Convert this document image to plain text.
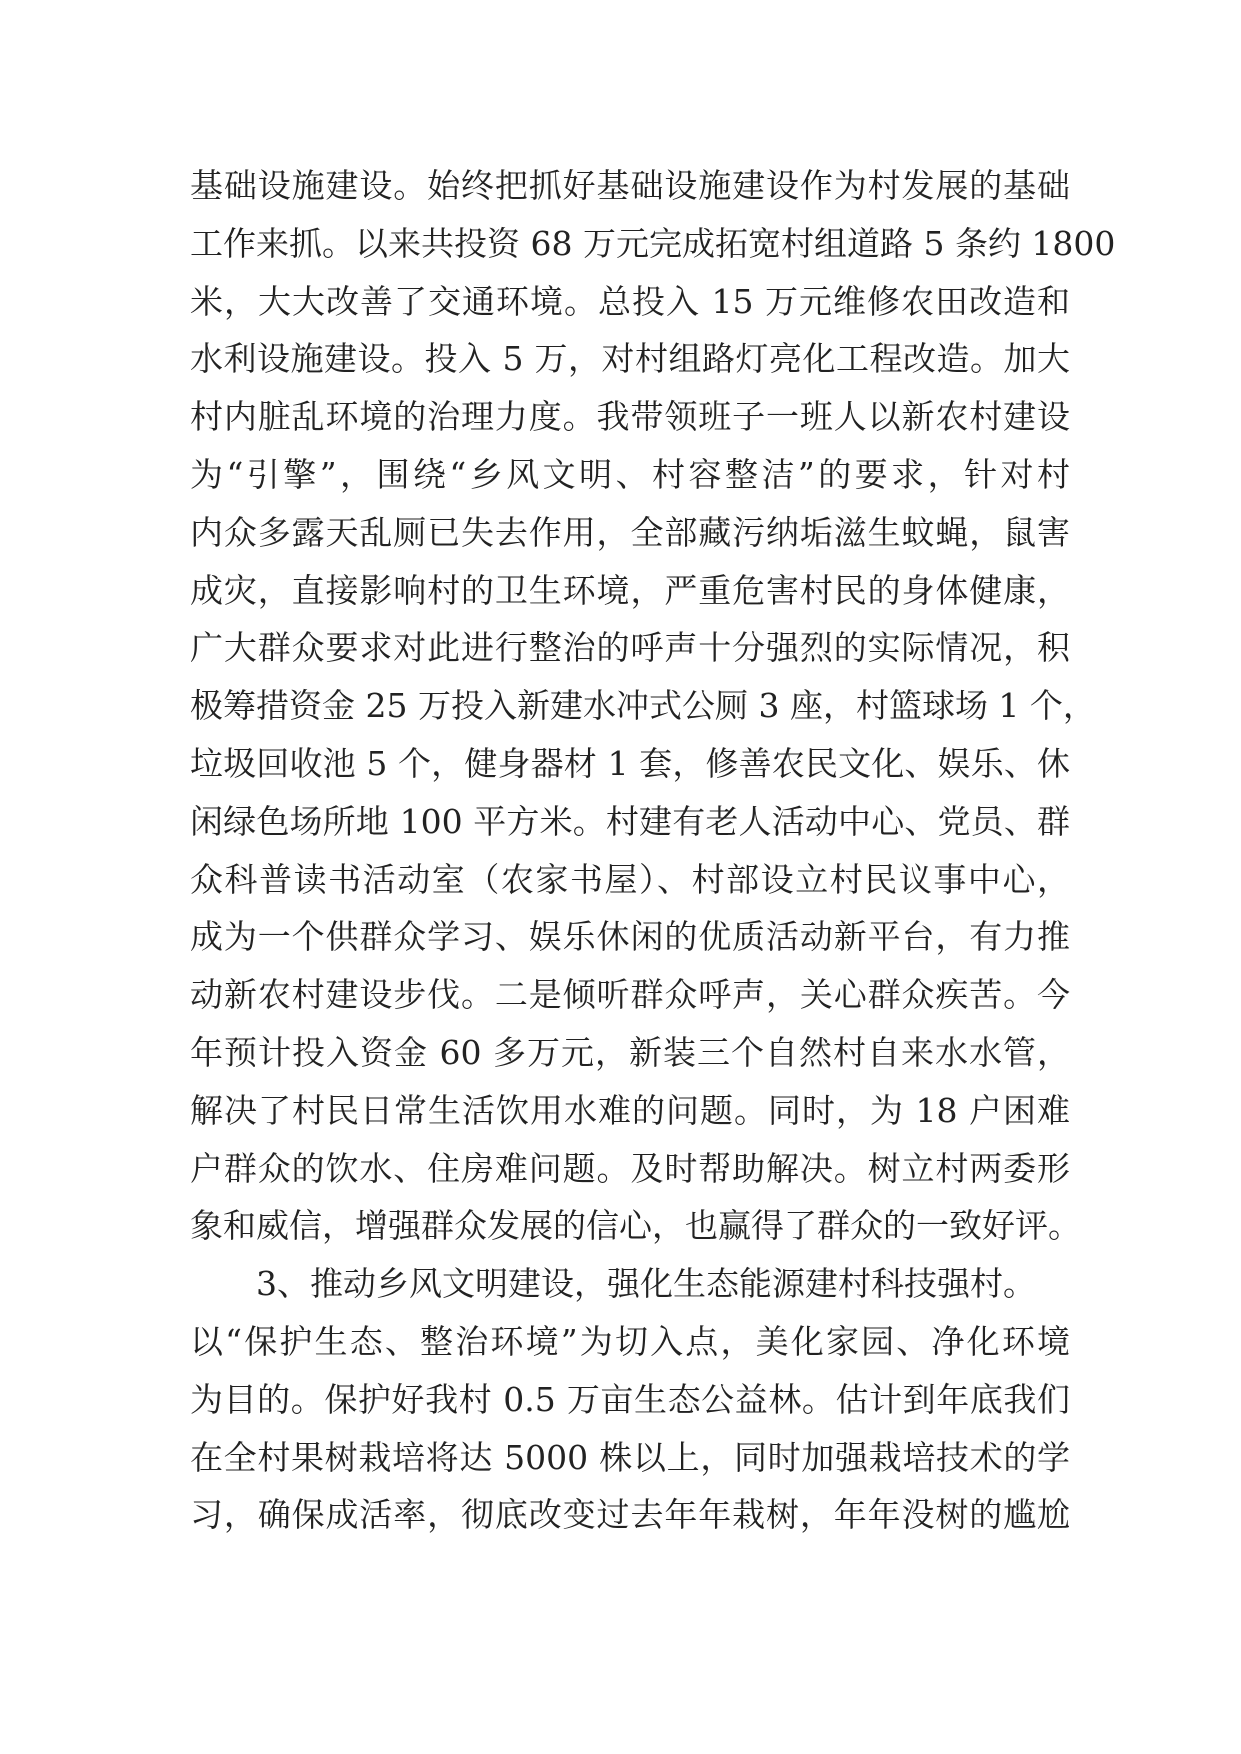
基础设施建设。始终把抓好基础设施建设作为村发展的基础
工作来抓。以来共投资 68 万元完成拓宽村组道路 5 条约 1800
米，大大改善了交通环境。总投入 15 万元维修农田改造和
水利设施建设。投入 5 万，对村组路灯亮化工程改造。加大
村内脏乱环境的治理力度。我带领班子一班人以新农村建设
为“引擎”，围绕“乡风文明、村容整洁”的要求，针对村
内众多露天乱厕已失去作用，全部藏污纳垢滋生蚊蝇，鼠害
成灾，直接影响村的卫生环境，严重危害村民的身体健康，
广大群众要求对此进行整治的呼声十分强烈的实际情况，积
极筹措资金 25 万投入新建水冲式公厕 3 座，村篮球场 1 个，
垃圾回收池 5 个，健身器材 1 套，修善农民文化、娱乐、休
闲绿色场所地 100 平方米。村建有老人活动中心、党员、群
众科普读书活动室（农家书屋）、村部设立村民议事中心，
成为一个供群众学习、娱乐休闲的优质活动新平台，有力推
动新农村建设步伐。二是倾听群众呼声，关心群众疾苦。今
年预计投入资金 60 多万元，新装三个自然村自来水水管，
解决了村民日常生活饮用水难的问题。同时，为 18 户困难
户群众的饮水、住房难问题。及时帮助解决。树立村两委形
象和威信，增强群众发展的信心，也赢得了群众的一致好评。
3、推动乡风文明建设，强化生态能源建村科技强村。
以“保护生态、整治环境”为切入点，美化家园、净化环境
为目的。保护好我村 0.5 万亩生态公益林。估计到年底我们
在全村果树栽培将达 5000 株以上，同时加强栽培技术的学
习，确保成活率，彻底改变过去年年栽树，年年没树的尴尬
